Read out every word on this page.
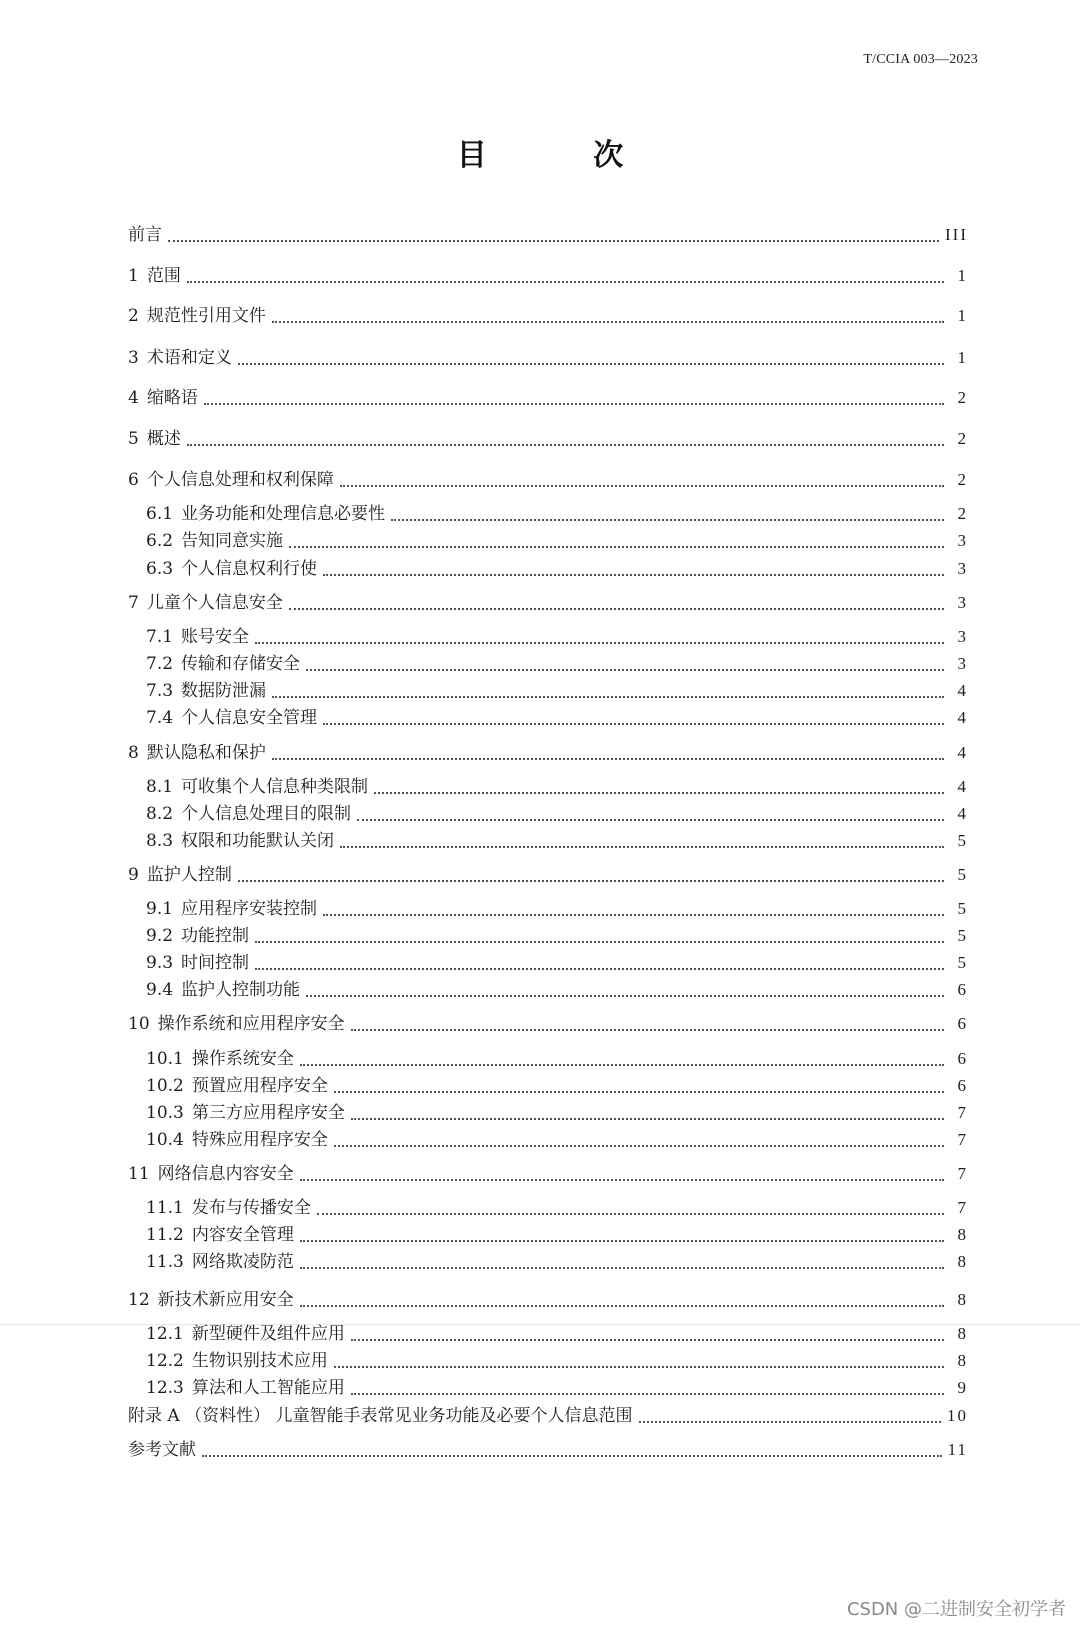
T/CCIA 003—2023
目 次
前言	III
1 范围	1
2 规范性引用文件	1
3 术语和定义	1
4 缩略语	2
5 概述	2
6 个人信息处理和权利保障	2
6.1 业务功能和处理信息必要性	2
6.2 告知同意实施	3
6.3 个人信息权利行使	3
7 儿童个人信息安全	3
7.1 账号安全	3
7.2 传输和存储安全	3
7.3 数据防泄漏	4
7.4 个人信息安全管理	4
8 默认隐私和保护	4
8.1 可收集个人信息种类限制	4
8.2 个人信息处理目的限制	4
8.3 权限和功能默认关闭	5
9 监护人控制	5
9.1 应用程序安装控制	5
9.2 功能控制	5
9.3 时间控制	5
9.4 监护人控制功能	6
10 操作系统和应用程序安全	6
10.1 操作系统安全	6
10.2 预置应用程序安全	6
10.3 第三方应用程序安全	7
10.4 特殊应用程序安全	7
11 网络信息内容安全	7
11.1 发布与传播安全	7
11.2 内容安全管理	8
11.3 网络欺凌防范	8
12 新技术新应用安全	8
12.1 新型硬件及组件应用	8
12.2 生物识别技术应用	8
12.3 算法和人工智能应用	9
附录 A （资料性） 儿童智能手表常见业务功能及必要个人信息范围	10
参考文献	11
CSDN @二进制安全初学者
